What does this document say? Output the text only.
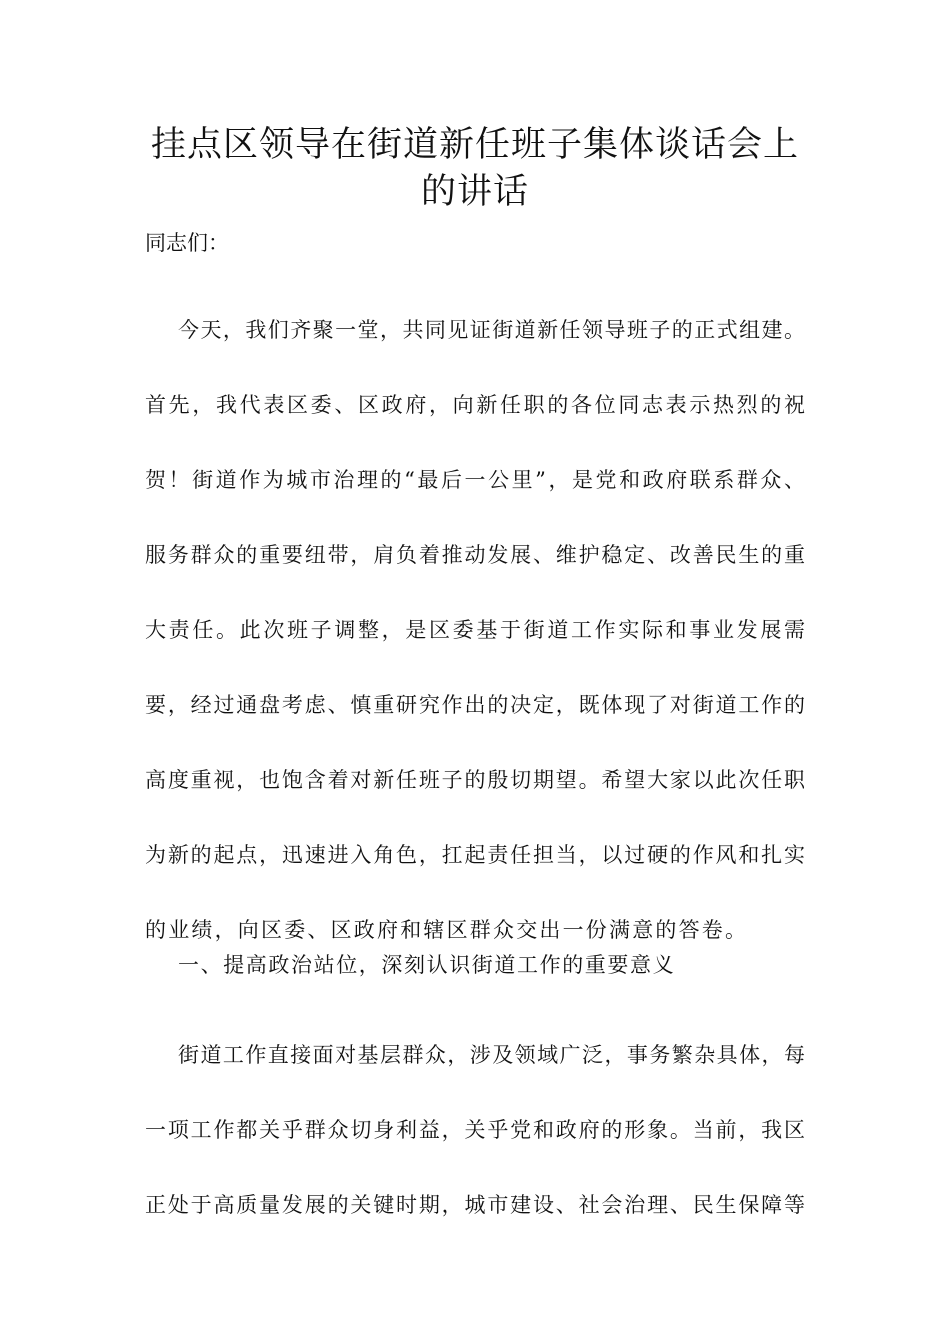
挂点区领导在街道新任班子集体谈话会上
的讲话
同志们：
今天，我们齐聚一堂，共同见证街道新任领导班子的正式组建。
首先，我代表区委、区政府，向新任职的各位同志表示热烈的祝
贺！街道作为城市治理的“最后一公里”，是党和政府联系群众、
服务群众的重要纽带，肩负着推动发展、维护稳定、改善民生的重
大责任。此次班子调整，是区委基于街道工作实际和事业发展需
要，经过通盘考虑、慎重研究作出的决定，既体现了对街道工作的
高度重视，也饱含着对新任班子的殷切期望。希望大家以此次任职
为新的起点，迅速进入角色，扛起责任担当，以过硬的作风和扎实
的业绩，向区委、区政府和辖区群众交出一份满意的答卷。
一、提高政治站位，深刻认识街道工作的重要意义
街道工作直接面对基层群众，涉及领域广泛，事务繁杂具体，每
一项工作都关乎群众切身利益，关乎党和政府的形象。当前，我区
正处于高质量发展的关键时期，城市建设、社会治理、民生保障等
